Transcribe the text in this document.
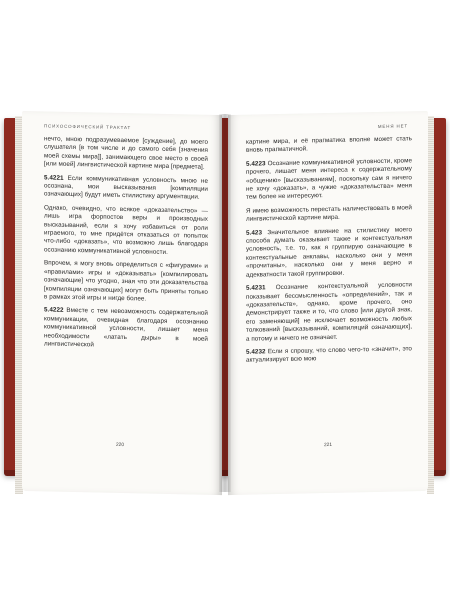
ПСИХОСОФИЧЕСКИЙ ТРАКТАТ

нечто, мною подразумеваемое [суждение], до моего слушателя [в том числе и до самого себя [значения моей схемы мира]], занимающего свое место в своей [или моей] лингвистической картине мира [предмета].

5.4221 Если коммуникативная условность мною не осознана, мои высказывания [компиляции означающих] будут иметь стилистику аргументации.

Однако, очевидно, что всякое «доказательство» — лишь игра форпостов веры и производных высказываний, если я хочу избавиться от роли играемого, то мне придётся отказаться от попыток что-либо «доказать», что возможно лишь благодаря осознанию коммуникативной условности.

Впрочем, я могу вновь определиться с «фигурами» и «правилами» игры и «доказывать» [компилировать означающие] что угодно, зная что эти доказательства [компиляции означающих] могут быть приняты только в рамках этой игры и нигде более.

5.4222 Вместе с тем невозможность содержательной коммуникации, очевидная благодаря осознанию коммуникативной условности, лишает меня необходимости «латать дыры» в моей лингвистической

220
МЕНЯ НЕТ

картине мира, и её прагматика вполне может стать вновь прагматичной.

5.4223 Осознание коммуникативной условности, кроме прочего, лишает меня интереса к содержательному «общению» [высказываниям], поскольку сам я ничего не хочу «доказать», а чужие «доказательства» меня тем более не интересуют.

Я имею возможность перестать наличествовать в моей лингвистической картине мира.

5.423 Значительное влияние на стилистику моего способа думать оказывает также и контекстуальная условность, т.е. то, как я группирую означающие в контекстуальные анклавы, насколько они у меня «прочитаны», насколько они у меня верно и адекватности такой группировки.

5.4231 Осознание контекстуальной условности показывает бессмысленность «определений», так и «доказательств», однако, кроме прочего, оно демонстрирует также и то, что слово [или другой знак, его заменяющий] не исключает возможность любых толкований [высказываний, компиляций означающих], а потому и ничего не означает.

5.4232 Если я спрошу, что слово чего-то «значит», это актуализирует всю мою

221
